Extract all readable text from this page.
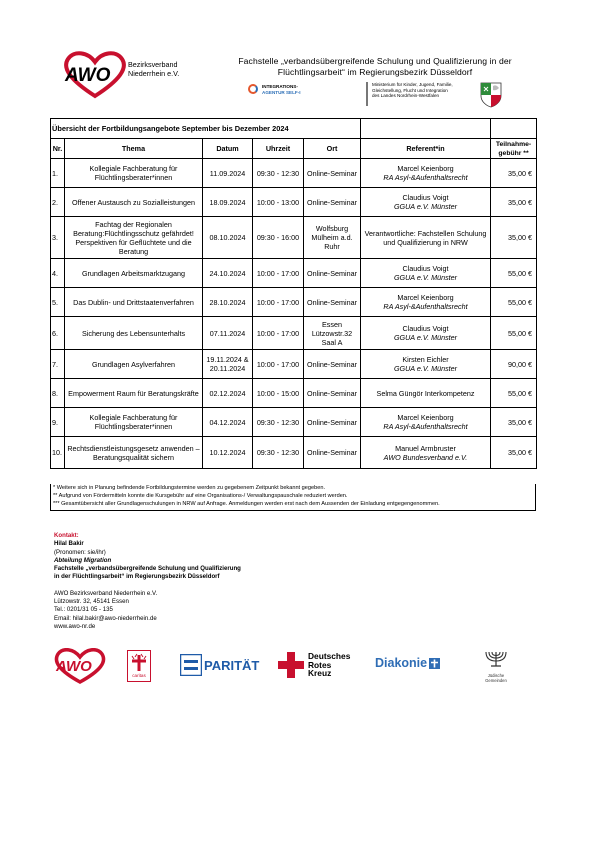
AWO
Bezirksverband
Niederrhein e.V.
Fachstelle „verbandsübergreifende Schulung und Qualifizierung in der
Flüchtlingsarbeit“ im Regierungsbezirk Düsseldorf
INTEGRATIONS-
AGENTUR SELF-I
Ministerium für Kinder, Jugend, Familie,
Gleichstellung, Flucht und Integration
des Landes Nordrhein-Westfalen
Übersicht der Fortbildungsangebote September bis Dezember 2024						
Nr.	Thema	Datum	Uhrzeit	Ort	Referent*in	Teilnahme-gebühr **
1.	Kollegiale Fachberatung für Flüchtlingsberater*innen	11.09.2024	09:30 - 12:30	Online-Seminar	Marcel Keienborg
RA Asyl-&Aufenthaltsrecht	35,00 €
2.	Offener Austausch zu Sozialleistungen	18.09.2024	10:00 - 13:00	Online-Seminar	Claudius Voigt
GGUA e.V. Münster	35,00 €
3.	Fachtag der Regionalen Beratung:Flüchtlingsschutz gefährdet! Perspektiven für Geflüchtete und die Beratung	08.10.2024	09:30 - 16:00	Wolfsburg Mülheim a.d. Ruhr	Verantwortliche: Fachstellen Schulung und Qualifizierung in NRW	35,00 €
4.	Grundlagen Arbeitsmarktzugang	24.10.2024	10:00 - 17:00	Online-Seminar	Claudius Voigt
GGUA e.V. Münster	55,00 €
5.	Das Dublin- und Drittstaatenverfahren	28.10.2024	10:00 - 17:00	Online-Seminar	Marcel Keienborg
RA Asyl-&Aufenthaltsrecht	55,00 €
6.	Sicherung des Lebensunterhalts	07.11.2024	10:00 - 17:00	Essen Lützowstr.32 Saal A	Claudius Voigt
GGUA e.V. Münster	55,00 €
7.	Grundlagen Asylverfahren	19.11.2024 & 20.11.2024	10:00 - 17:00	Online-Seminar	Kirsten Eichler
GGUA e.V. Münster	90,00 €
8.	Empowerment Raum für Beratungskräfte	02.12.2024	10:00 - 15:00	Online-Seminar	Selma Güngör Interkompetenz	55,00 €
9.	Kollegiale Fachberatung für Flüchtlingsberater*innen	04.12.2024	09:30 - 12:30	Online-Seminar	Marcel Keienborg
RA Asyl-&Aufenthaltsrecht	35,00 €
10.	Rechtsdienstleistungsgesetz anwenden – Beratungsqualität sichern	10.12.2024	09:30 - 12:30	Online-Seminar	Manuel Armbruster
AWO Bundesverband e.V.	35,00 €
* Weitere sich in Planung befindende Fortbildungstermine werden zu gegebenem Zeitpunkt bekannt gegeben.
** Aufgrund von Fördermitteln konnte die Kursgebühr auf eine Organisations-/ Verwaltungspauschale reduziert werden.
*** Gesamtübersicht aller Grundlagenschulungen in NRW auf Anfrage. Anmeldungen werden erst nach dem Aussenden der Einladung entgegengenommen.
Kontakt:
Hilal Bakir
(Pronomen: sie/ihr)
Abteilung Migration
Fachstelle „verbandsübergreifende Schulung und Qualifizierung
in der Flüchtlingsarbeit“ im Regierungsbezirk Düsseldorf
AWO Bezirksverband Niederrhein e.V.
Lützowstr. 32, 45141 Essen
Tel.: 0201/31 05 - 135
Email: hilal.bakir@awo-niederrhein.de
www.awo-nr.de
AWO
caritas
PARITÄT
Deutsches
Rotes
Kreuz
Diakonie
Jüdische
Gemeinden
